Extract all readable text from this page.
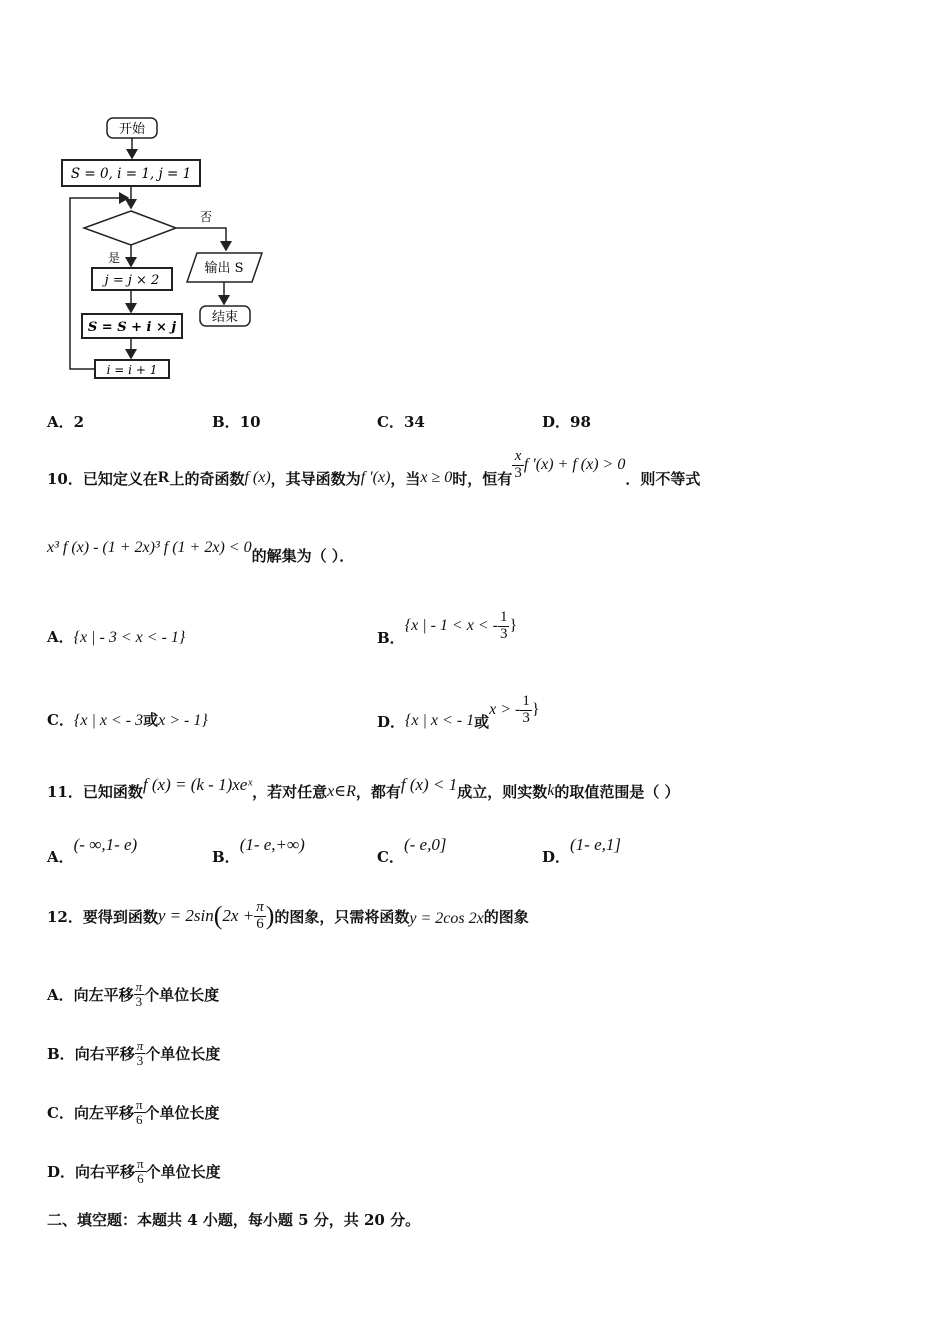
开始
S = 0, i = 1, j = 1
否
输出 S
结束
是
j = j × 2
S = S + i × j
i = i + 1
A．2	B．10	C．34	D．98
10． 已知定义在 R 上的奇函数 f (x) ，其导函数为 f ′(x) ，当 x ≥ 0 时，恒有 $\frac{x}{3}$ f ′(x) + f (x) > 0
．则不等式
x³ f (x) - (1 + 2x)³ f (1 + 2x) < 0 的解集为（ ）．
A．{x | - 3 < x < - 1}	B．
{x | - 1 < x < - $\frac{1}{3}$ }
C．{x | x < - 3或x > - 1}	D． {x | x < - 1 或
x > - $\frac{1}{3}$ }
11． 已知函数 f (x) = (k - 1)xeˣ ，若对任意 x∈R ，都有 f (x) < 1 成立，则实数 k 的取值范围是（ ）
A．
(- ∞,1- e)
B．
(1- e,+∞)
C．
(- e,0]
D．
(1- e,1]
12． 要得到函数 y = 2sin ( $2x + \frac{\pi}{6}$ ) 的图象，只需将函数 y = 2cos 2x 的图象
A． 向左平移 $\frac{\pi}{3}$ 个单位长度
B． 向右平移 $\frac{\pi}{3}$ 个单位长度
C． 向左平移 $\frac{\pi}{6}$ 个单位长度
D． 向右平移 $\frac{\pi}{6}$ 个单位长度
二、填空题：本题共 4 小题，每小题 5 分，共 20 分。
